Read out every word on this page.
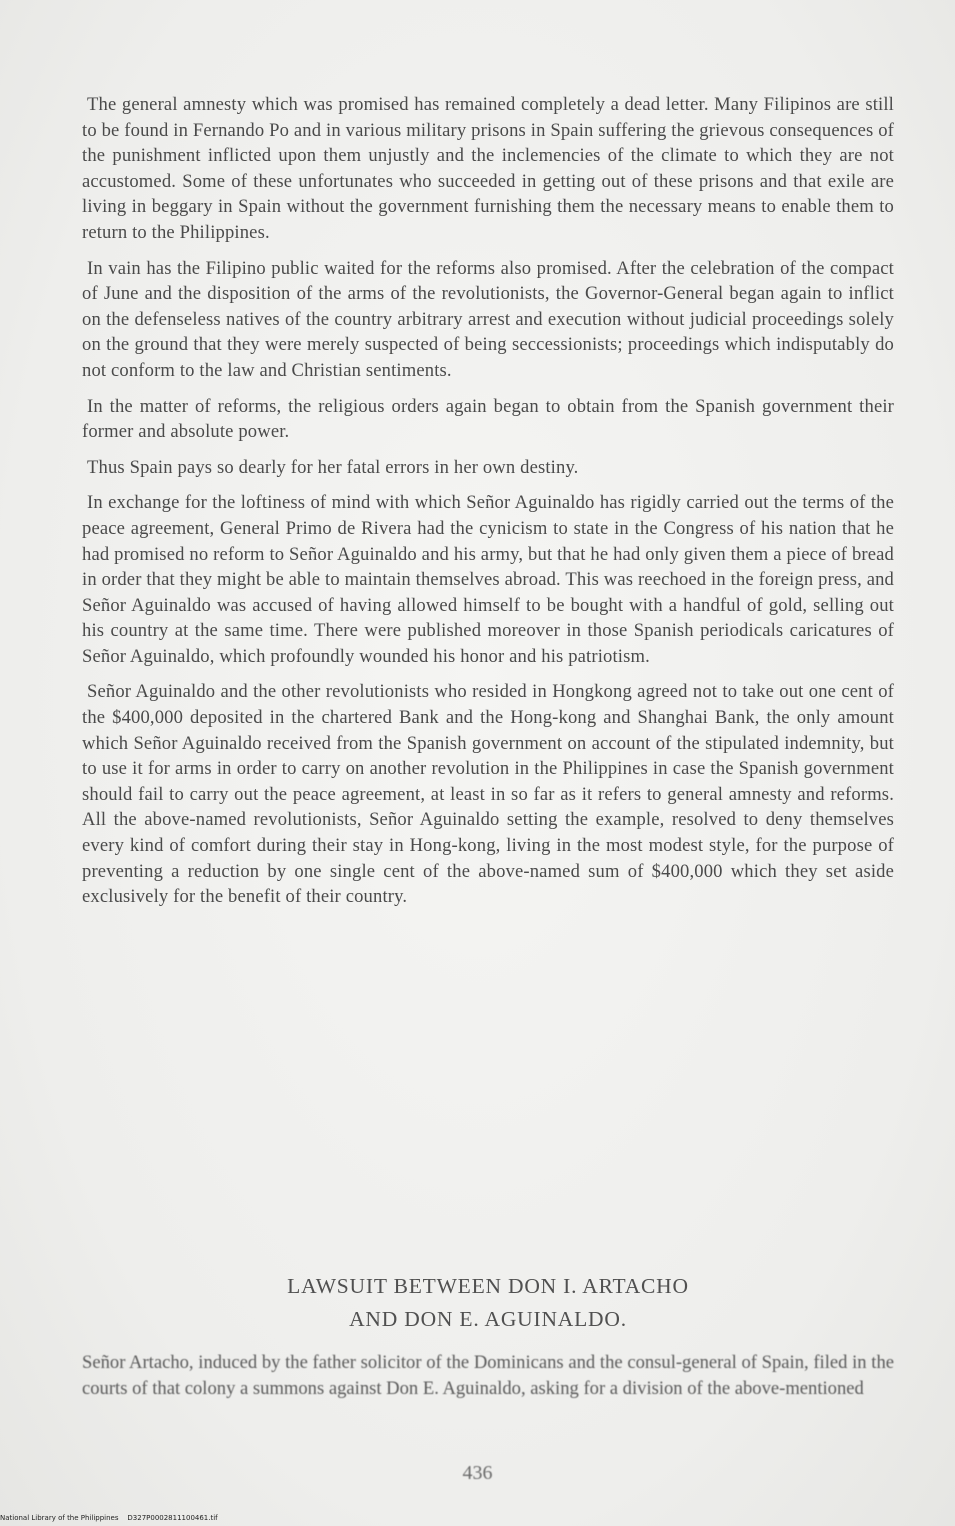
The general amnesty which was promised has remained completely a dead letter. Many Filipinos are still to be found in Fernando Po and in various military prisons in Spain suffering the grievous consequences of the punishment inflicted upon them unjustly and the inclemencies of the climate to which they are not accustomed. Some of these unfortunates who succeeded in getting out of these prisons and that exile are living in beggary in Spain without the government furnishing them the necessary means to enable them to return to the Philippines.

In vain has the Filipino public waited for the reforms also promised. After the celebration of the compact of June and the disposition of the arms of the revolutionists, the Governor-General began again to inflict on the defenseless natives of the country arbitrary arrest and execution without judicial proceedings solely on the ground that they were merely suspected of being seccessionists; proceedings which indisputably do not conform to the law and Christian sentiments.

In the matter of reforms, the religious orders again began to obtain from the Spanish government their former and absolute power.

Thus Spain pays so dearly for her fatal errors in her own destiny.

In exchange for the loftiness of mind with which Señor Aguinaldo has rigidly carried out the terms of the peace agreement, General Primo de Rivera had the cynicism to state in the Congress of his nation that he had promised no reform to Señor Aguinaldo and his army, but that he had only given them a piece of bread in order that they might be able to maintain themselves abroad. This was reechoed in the foreign press, and Señor Aguinaldo was accused of having allowed himself to be bought with a handful of gold, selling out his country at the same time. There were published moreover in those Spanish periodicals caricatures of Señor Aguinaldo, which profoundly wounded his honor and his patriotism.

Señor Aguinaldo and the other revolutionists who resided in Hongkong agreed not to take out one cent of the $400,000 deposited in the chartered Bank and the Hong-kong and Shanghai Bank, the only amount which Señor Aguinaldo received from the Spanish government on account of the stipulated indemnity, but to use it for arms in order to carry on another revolution in the Philippines in case the Spanish government should fail to carry out the peace agreement, at least in so far as it refers to general amnesty and reforms. All the above-named revolutionists, Señor Aguinaldo setting the example, resolved to deny themselves every kind of comfort during their stay in Hong-kong, living in the most modest style, for the purpose of preventing a reduction by one single cent of the above-named sum of $400,000 which they set aside exclusively for the benefit of their country.

LAWSUIT BETWEEN DON I. ARTACHO
AND DON E. AGUINALDO.

Señor Artacho, induced by the father solicitor of the Dominicans and the consul-general of Spain, filed in the courts of that colony a summons against Don E. Aguinaldo, asking for a division of the above-mentioned

436
National Library of the Philippines    D327P0002811100461.tif
